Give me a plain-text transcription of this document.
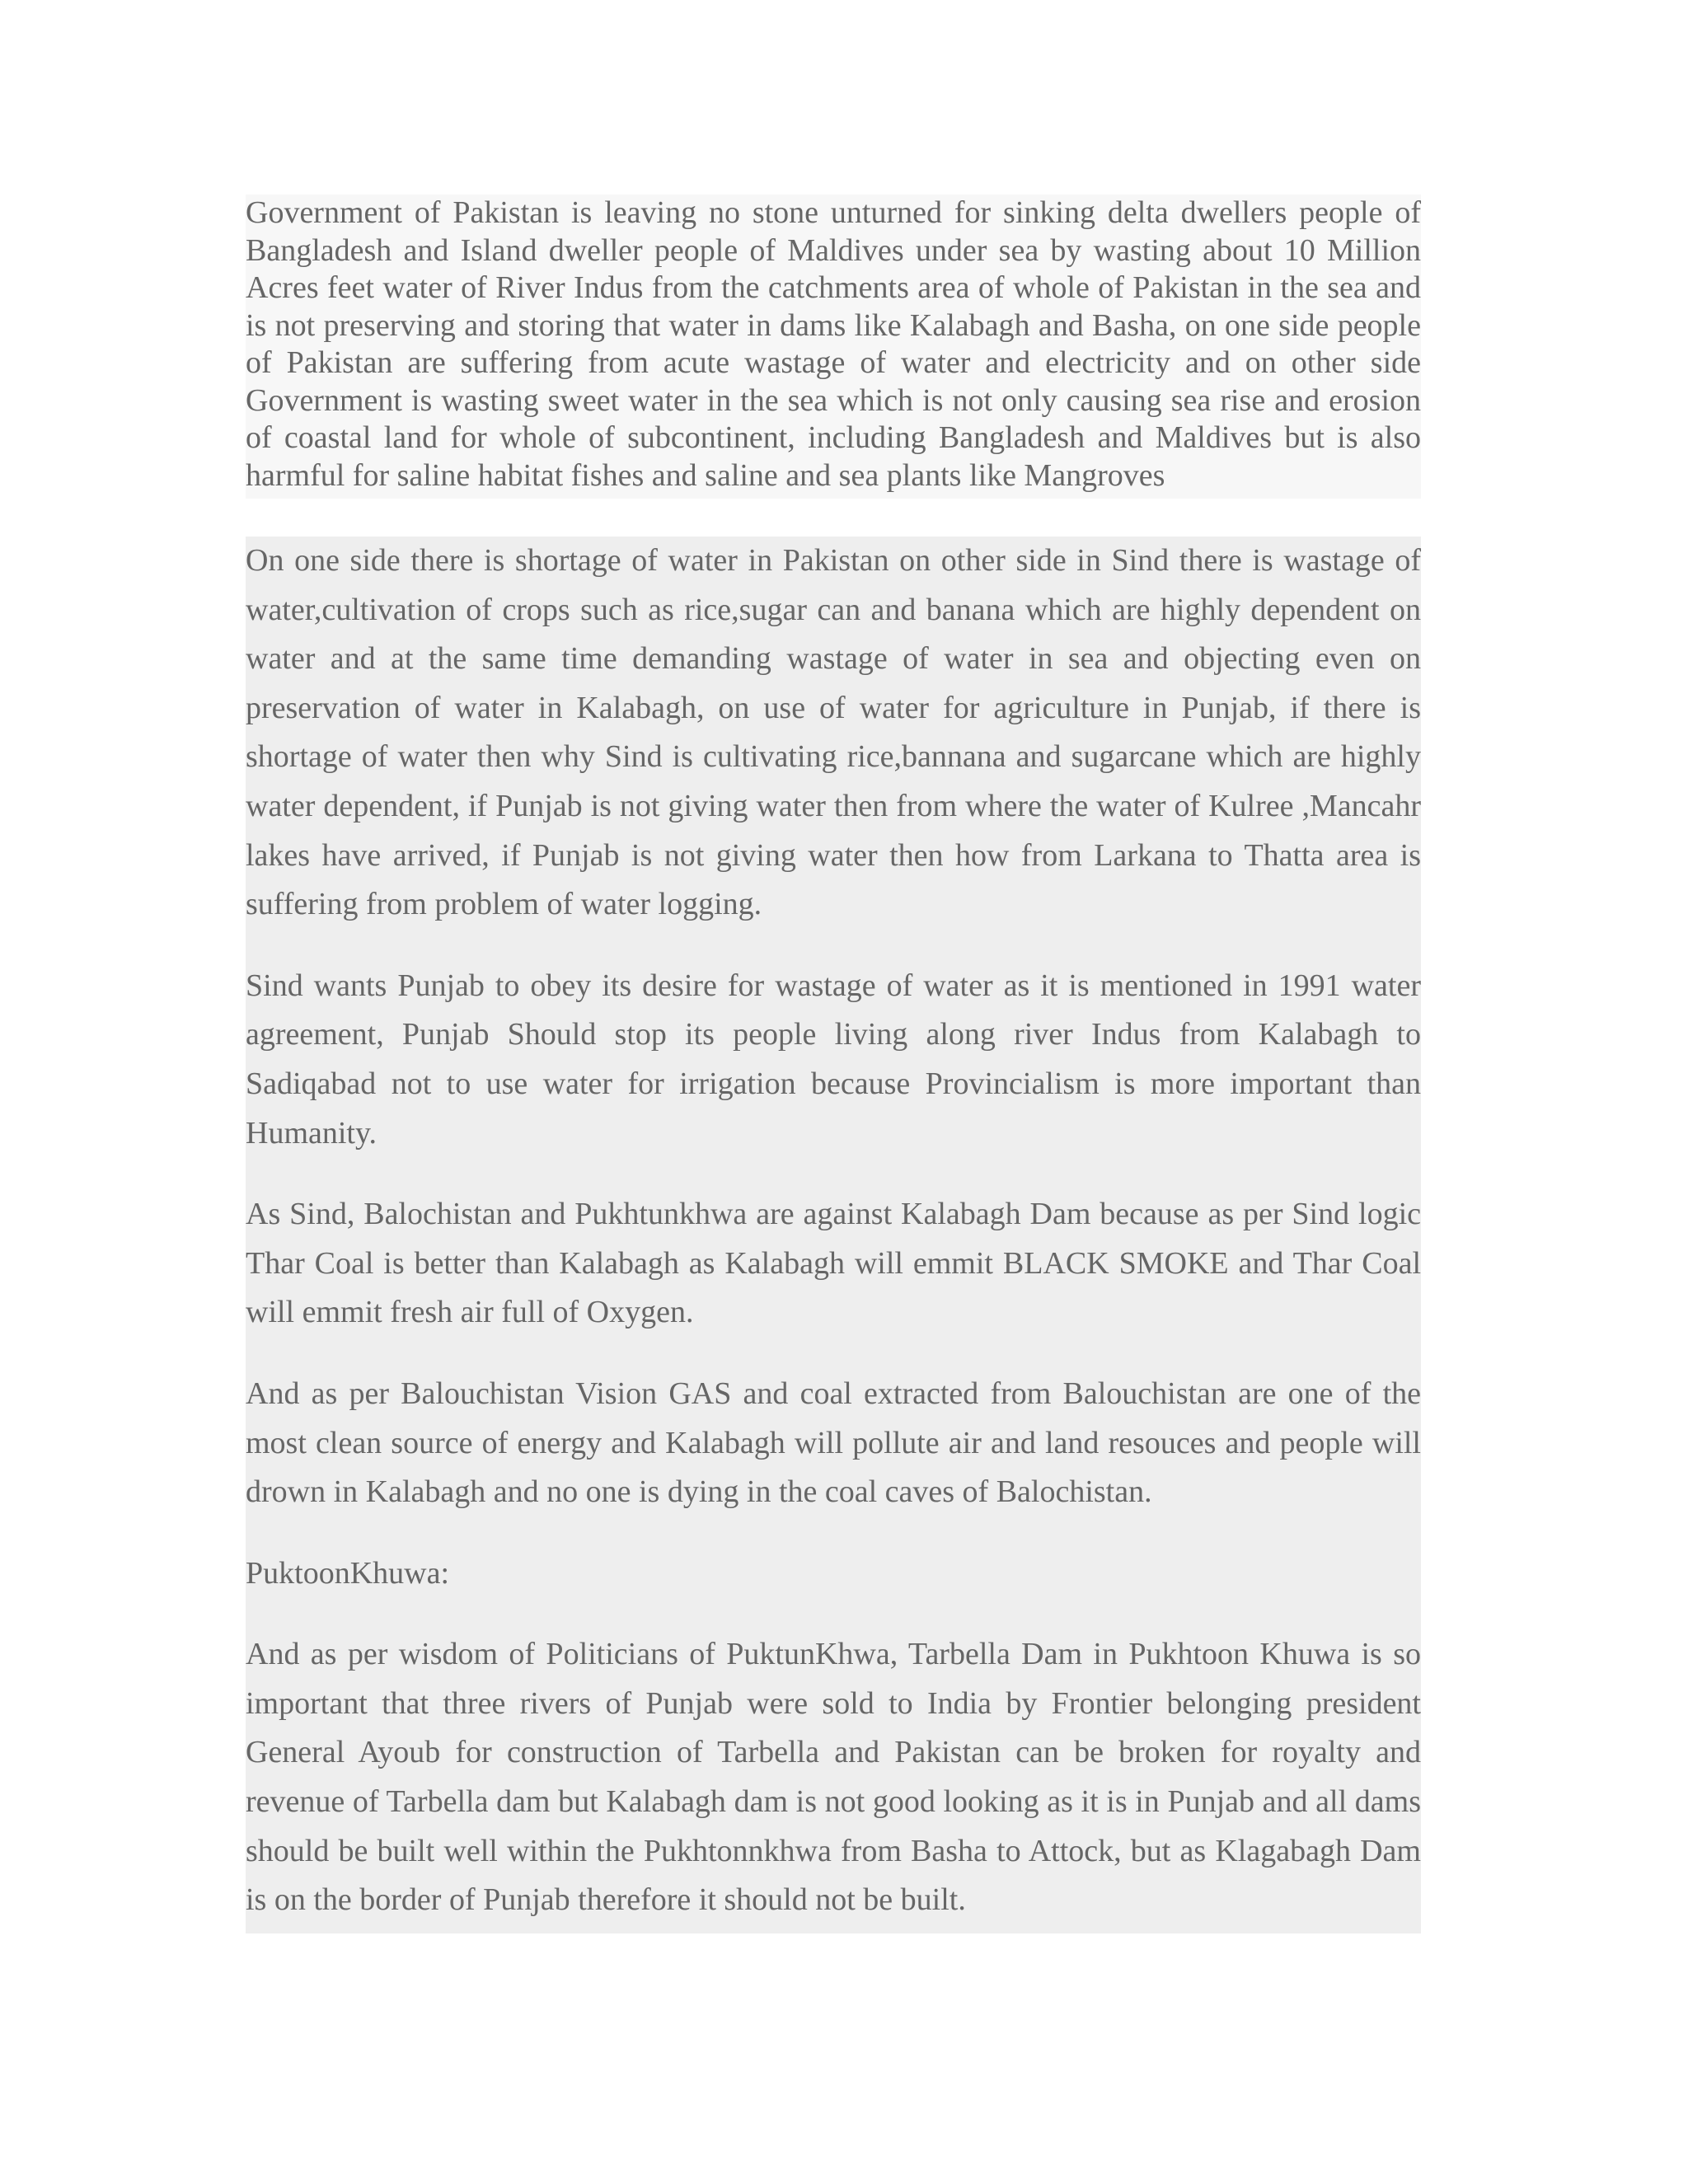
Government of Pakistan is leaving no stone unturned for sinking delta dwellers people of Bangladesh and Island dweller people of Maldives under sea by wasting about 10 Million Acres feet water of River Indus from the catchments area of whole of Pakistan in the sea and is not preserving and storing that water in dams like Kalabagh and Basha, on one side people of Pakistan are suffering from acute wastage of water and electricity and on other side Government is wasting sweet water in the sea which is not only causing sea rise and erosion of coastal land for whole of subcontinent, including Bangladesh and Maldives but is also harmful for saline habitat fishes and saline and sea plants like Mangroves

On one side there is shortage of water in Pakistan on other side in Sind there is wastage of water,cultivation of crops such as rice,sugar can and banana which are highly dependent on water and at the same time demanding wastage of water in sea and objecting even on preservation of water in Kalabagh, on use of water for agriculture in Punjab, if there is shortage of water then why Sind is cultivating rice,bannana and sugarcane which are highly water dependent, if Punjab is not giving water then from where the water of Kulree ,Mancahr lakes have arrived, if Punjab is not giving water then how from Larkana to Thatta area is suffering from problem of water logging.

Sind wants Punjab to obey its desire for wastage of water as it is mentioned in 1991 water agreement, Punjab Should stop its people living along river Indus from Kalabagh to Sadiqabad not to use water for irrigation because Provincialism is more important than Humanity.

As Sind, Balochistan and Pukhtunkhwa are against Kalabagh Dam because as per Sind logic Thar Coal is better than Kalabagh as Kalabagh will emmit BLACK SMOKE and Thar Coal will emmit fresh air full of Oxygen.

And as per Balouchistan Vision GAS and coal extracted from Balouchistan are one of the most clean source of energy and Kalabagh will pollute air and land resouces and people will drown in Kalabagh and no one is dying in the coal caves of Balochistan.

PuktoonKhuwa:

And as per wisdom of Politicians of PuktunKhwa, Tarbella Dam in Pukhtoon Khuwa is so important that three rivers of Punjab were sold to India by Frontier belonging president General Ayoub for construction of Tarbella and Pakistan can be broken for royalty and revenue of Tarbella dam but Kalabagh dam is not good looking as it is in Punjab and all dams should be built well within the Pukhtonnkhwa from Basha to Attock, but as Klagabagh Dam is on the border of Punjab therefore it should not be built.
